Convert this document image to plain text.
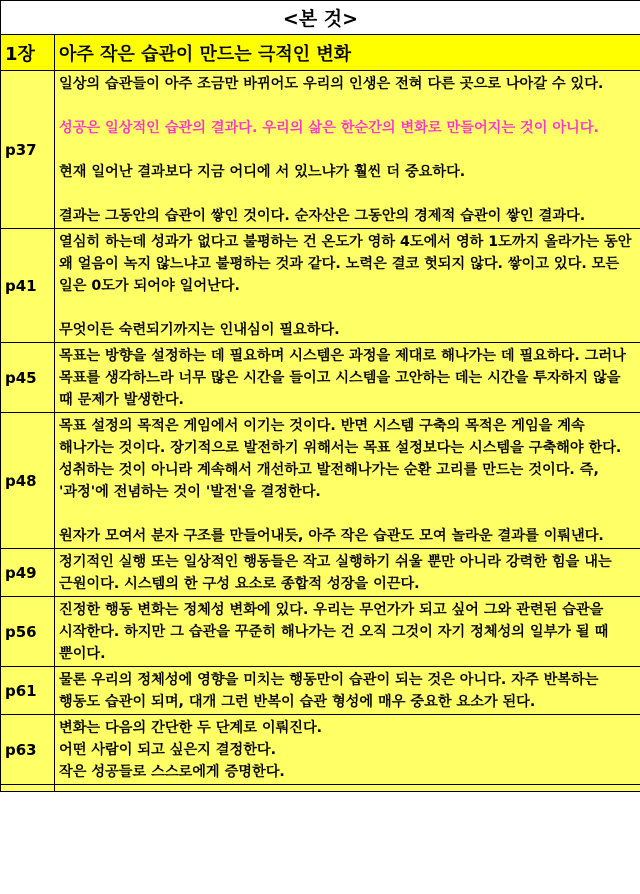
<본 것>	
1장	아주 작은 습관이 만드는 극적인 변화
p37	일상의 습관들이 아주 조금만 바뀌어도 우리의 인생은 전혀 다른 곳으로 나아갈 수 있다.

성공은 일상적인 습관의 결과다. 우리의 삶은 한순간의 변화로 만들어지는 것이 아니다.

현재 일어난 결과보다 지금 어디에 서 있느냐가 훨씬 더 중요하다.

결과는 그동안의 습관이 쌓인 것이다. 순자산은 그동안의 경제적 습관이 쌓인 결과다.

p41	열심히 하는데 성과가 없다고 불평하는 건 온도가 영하 4도에서 영하 1도까지 올라가는 동안 왜 얼음이 녹지 않느냐고 불평하는 것과 같다. 노력은 결코 헛되지 않다. 쌓이고 있다. 모든 일은 0도가 되어야 일어난다.

무엇이든 숙련되기까지는 인내심이 필요하다.

p45	목표는 방향을 설정하는 데 필요하며 시스템은 과정을 제대로 해나가는 데 필요하다. 그러나 목표를 생각하느라 너무 많은 시간을 들이고 시스템을 고안하는 데는 시간을 투자하지 않을 때 문제가 발생한다.

p48	목표 설정의 목적은 게임에서 이기는 것이다. 반면 시스템 구축의 목적은 게임을 계속 해나가는 것이다. 장기적으로 발전하기 위해서는 목표 설정보다는 시스템을 구축해야 한다. 성취하는 것이 아니라 계속해서 개선하고 발전해나가는 순환 고리를 만드는 것이다. 즉, '과정'에 전념하는 것이 '발전'을 결정한다.

원자가 모여서 분자 구조를 만들어내듯, 아주 작은 습관도 모여 놀라운 결과를 이뤄낸다.

p49	정기적인 실행 또는 일상적인 행동들은 작고 실행하기 쉬울 뿐만 아니라 강력한 힘을 내는 근원이다. 시스템의 한 구성 요소로 종합적 성장을 이끈다.

p56	진정한 행동 변화는 정체성 변화에 있다. 우리는 무언가가 되고 싶어 그와 관련된 습관을 시작한다. 하지만 그 습관을 꾸준히 해나가는 건 오직 그것이 자기 정체성의 일부가 될 때 뿐이다.

p61	물론 우리의 정체성에 영향을 미치는 행동만이 습관이 되는 것은 아니다. 자주 반복하는 행동도 습관이 되며, 대개 그런 반복이 습관 형성에 매우 중요한 요소가 된다.

p63	변화는 다음의 간단한 두 단계로 이뤄진다.

어떤 사람이 되고 싶은지 결정한다.

작은 성공들로 스스로에게 증명한다.
